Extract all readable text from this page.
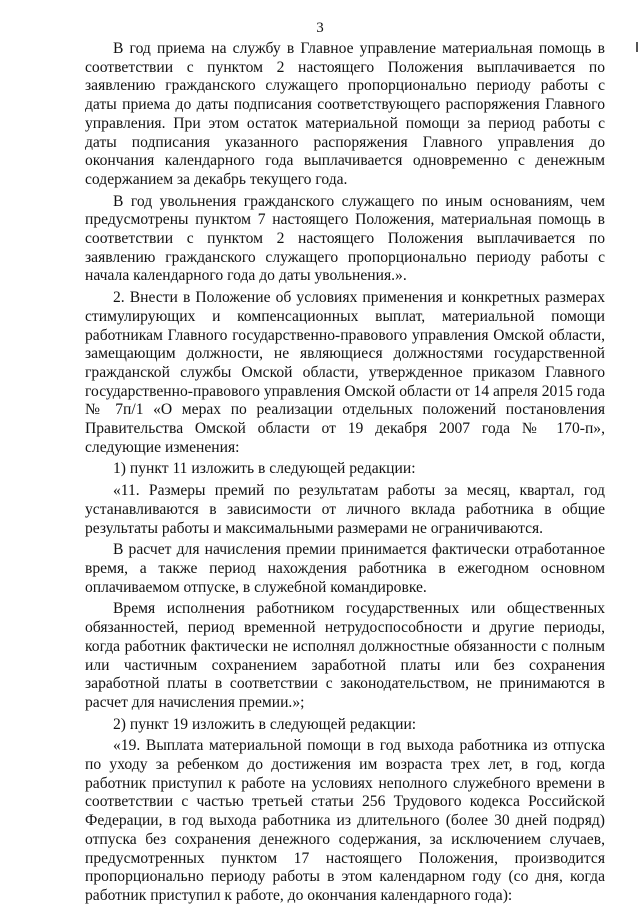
3

В год приема на службу в Главное управление материальная помощь в соответствии с пунктом 2 настоящего Положения выплачивается по заявлению гражданского служащего пропорционально периоду работы с даты приема до даты подписания соответствующего распоряжения Главного управления. При этом остаток материальной помощи за период работы с даты подписания указанного распоряжения Главного управления до окончания календарного года выплачивается одновременно с денежным содержанием за декабрь текущего года.

В год увольнения гражданского служащего по иным основаниям, чем предусмотрены пунктом 7 настоящего Положения, материальная помощь в соответствии с пунктом 2 настоящего Положения выплачивается по заявлению гражданского служащего пропорционально периоду работы с начала календарного года до даты увольнения.».

2. Внести в Положение об условиях применения и конкретных размерах стимулирующих и компенсационных выплат, материальной помощи работникам Главного государственно-правового управления Омской области, замещающим должности, не являющиеся должностями государственной гражданской службы Омской области, утвержденное приказом Главного государственно-правового управления Омской области от 14 апреля 2015 года № 7п/1 «О мерах по реализации отдельных положений постановления Правительства Омской области от 19 декабря 2007 года № 170-п», следующие изменения:

1) пункт 11 изложить в следующей редакции:

«11. Размеры премий по результатам работы за месяц, квартал, год устанавливаются в зависимости от личного вклада работника в общие результаты работы и максимальными размерами не ограничиваются.

В расчет для начисления премии принимается фактически отработанное время, а также период нахождения работника в ежегодном основном оплачиваемом отпуске, в служебной командировке.

Время исполнения работником государственных или общественных обязанностей, период временной нетрудоспособности и другие периоды, когда работник фактически не исполнял должностные обязанности с полным или частичным сохранением заработной платы или без сохранения заработной платы в соответствии с законодательством, не принимаются в расчет для начисления премии.»;

2) пункт 19 изложить в следующей редакции:

«19. Выплата материальной помощи в год выхода работника из отпуска по уходу за ребенком до достижения им возраста трех лет, в год, когда работник приступил к работе на условиях неполного служебного времени в соответствии с частью третьей статьи 256 Трудового кодекса Российской Федерации, в год выхода работника из длительного (более 30 дней подряд) отпуска без сохранения денежного содержания, за исключением случаев, предусмотренных пунктом 17 настоящего Положения, производится пропорционально периоду работы в этом календарном году (со дня, когда работник приступил к работе, до окончания календарного года):
